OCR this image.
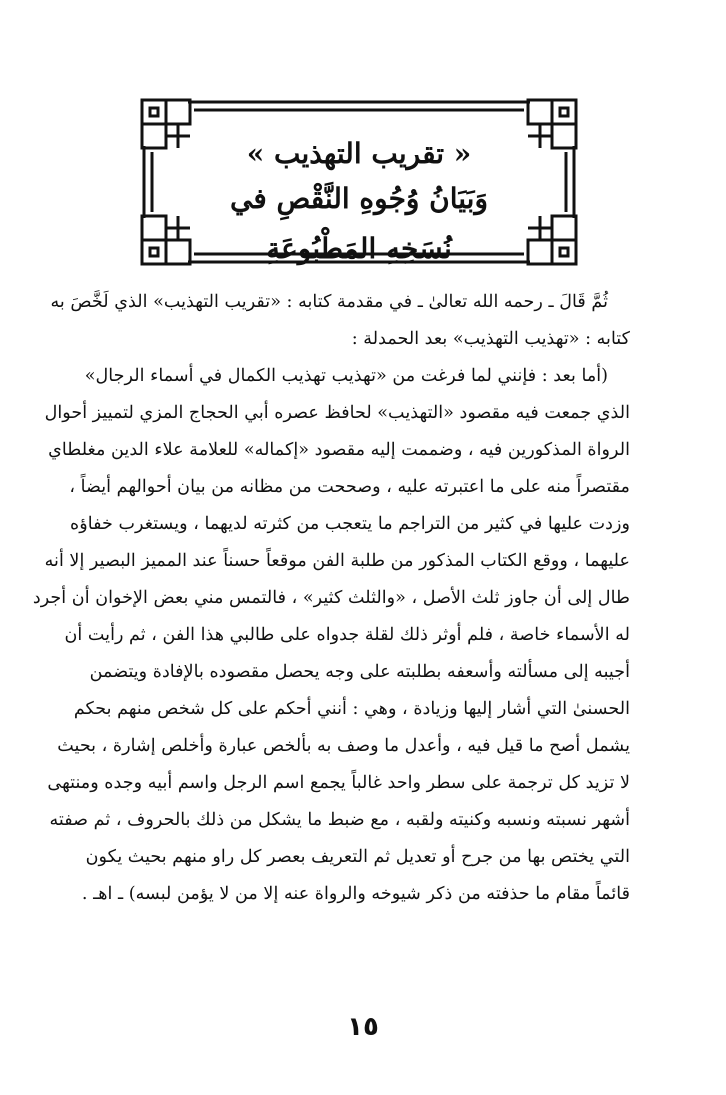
« تقريب التهذيب »

وَبَيَانُ وُجُوهِ النَّقْصِ في نُسَخِهِ المَطْبُوعَةِ

ثُمَّ قَالَ ـ رحمه الله تعالىٰ ـ في مقدمة كتابه : «تقريب التهذيب» الذي لَخَّصَ به
كتابه : «تهذيب التهذيب» بعد الحمدلة :
(أما بعد : فإنني لما فرغت من «تهذيب تهذيب الكمال في أسماء الرجال»
الذي جمعت فيه مقصود «التهذيب» لحافظ عصره أبي الحجاج المزي لتمييز أحوال
الرواة المذكورين فيه ، وضممت إليه مقصود «إكماله» للعلامة علاء الدين مغلطاي
مقتصراً منه على ما اعتبرته عليه ، وصححت من مظانه من بيان أحوالهم أيضاً ،
وزدت عليها في كثير من التراجم ما يتعجب من كثرته لديهما ، ويستغرب خفاؤه
عليهما ، ووقع الكتاب المذكور من طلبة الفن موقعاً حسناً عند المميز البصير إلا أنه
طال إلى أن جاوز ثلث الأصل ، «والثلث كثير» ، فالتمس مني بعض الإخوان أن أجرد
له الأسماء خاصة ، فلم أوثر ذلك لقلة جدواه على طالبي هذا الفن ، ثم رأيت أن
أجيبه إلى مسألته وأسعفه بطلبته على وجه يحصل مقصوده بالإفادة ويتضمن
الحسنىٰ التي أشار إليها وزيادة ، وهي : أنني أحكم على كل شخص منهم بحكم
يشمل أصح ما قيل فيه ، وأعدل ما وصف به بألخص عبارة وأخلص إشارة ، بحيث
لا تزيد كل ترجمة على سطر واحد غالباً يجمع اسم الرجل واسم أبيه وجده ومنتهى
أشهر نسبته ونسبه وكنيته ولقبه ، مع ضبط ما يشكل من ذلك بالحروف ، ثم صفته
التي يختص بها من جرح أو تعديل ثم التعريف بعصر كل راو منهم بحيث يكون
قائماً مقام ما حذفته من ذكر شيوخه والرواة عنه إلا من لا يؤمن لبسه) ـ اهـ .
١٥
